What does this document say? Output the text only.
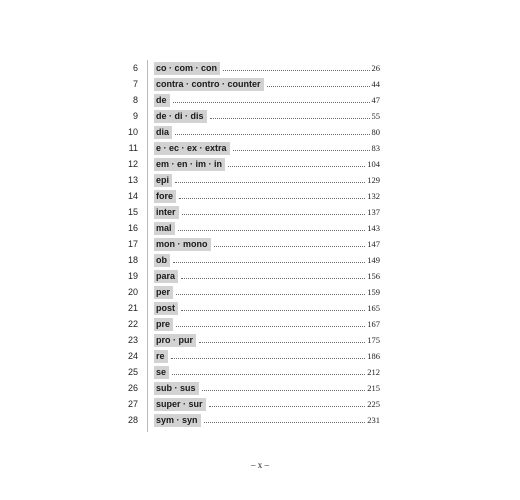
6 co · com · con	26
7 contra · contro · counter	44
8 de	47
9 de · di · dis	55
10 dia	80
11 e · ec · ex · extra	83
12 em · en · im · in	104
13 epi	129
14 fore	132
15 inter	137
16 mal	143
17 mon · mono	147
18 ob	149
19 para	156
20 per	159
21 post	165
22 pre	167
23 pro · pur	175
24 re	186
25 se	212
26 sub · sus	215
27 super · sur	225
28 sym · syn	231
– x –
